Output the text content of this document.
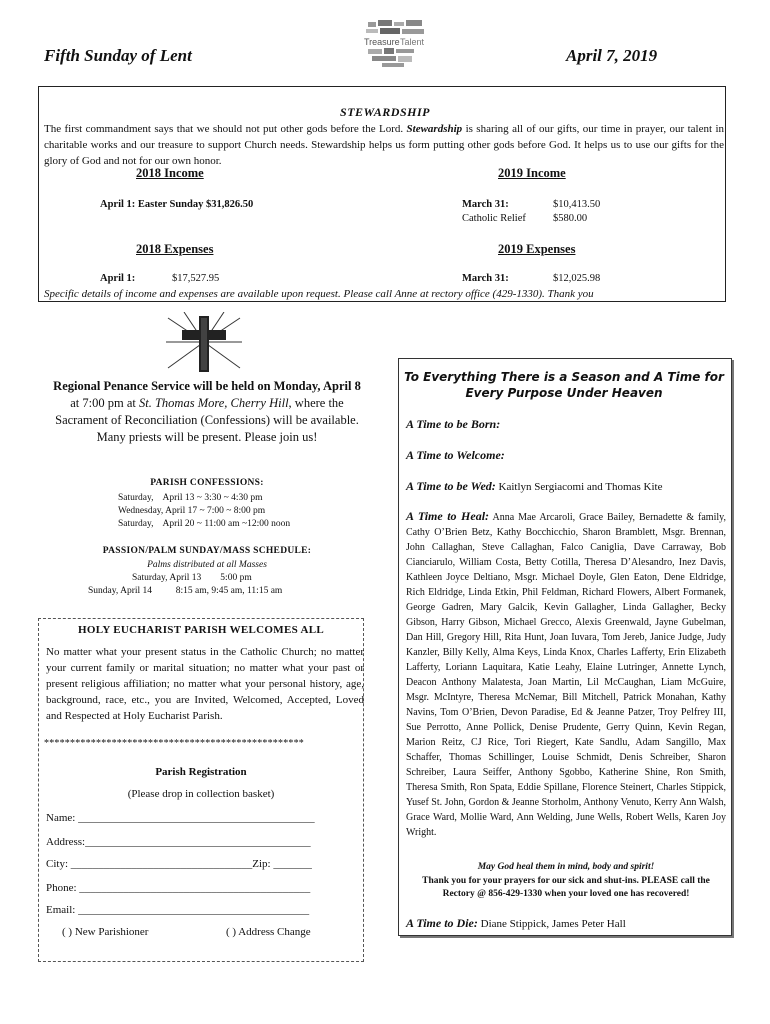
Fifth Sunday of Lent
Treasure Talent
April 7, 2019
STEWARDSHIP
The first commandment says that we should not put other gods before the Lord. Stewardship is sharing all of our gifts, our time in prayer, our talent in charitable works and our treasure to support Church needs. Stewardship helps us form putting other gods before God. It helps us to use our gifts for the glory of God and not for our own honor.
2018 Income
April 1: Easter Sunday $31,826.50
2019 Income
March 31:	$10,413.50
Catholic Relief	$580.00
2018 Expenses
April 1:	$17,527.95
2019 Expenses
March 31:	$12,025.98
Specific details of income and expenses are available upon request. Please call Anne at rectory office (429-1330). Thank you
Regional Penance Service will be held on Monday, April 8 at 7:00 pm at St. Thomas More, Cherry Hill, where the Sacrament of Reconciliation (Confessions) will be available. Many priests will be present. Please join us!
PARISH CONFESSIONS:
Saturday,    April 13 ~ 3:30 ~ 4:30 pm
Wednesday, April 17 ~ 7:00 ~ 8:00 pm
Saturday,    April 20 ~ 11:00 am ~12:00 noon
PASSION/PALM SUNDAY/MASS SCHEDULE:
Palms distributed at all Masses
Saturday, April 13        5:00 pm
Sunday, April 14          8:15 am, 9:45 am, 11:15 am
HOLY EUCHARIST PARISH WELCOMES ALL
No matter what your present status in the Catholic Church; no matter your current family or marital situation; no matter what your past or present religious affiliation; no matter what your personal history, age, background, race, etc., you are Invited, Welcomed, Accepted, Loved and Respected at Holy Eucharist Parish.
**************************************************
Parish Registration
(Please drop in collection basket)
Name: ___________________________________________
Address:_________________________________________
City: _________________________________Zip: _______
Phone: __________________________________________
Email: __________________________________________
( ) New Parishioner	( ) Address Change
To Everything There is a Season and A Time for Every Purpose Under Heaven
A Time to be Born:
A Time to Welcome:
A Time to be Wed: Kaitlyn Sergiacomi and Thomas Kite
A Time to Heal: Anna Mae Arcaroli, Grace Bailey, Bernadette & family, Cathy O’Brien Betz, Kathy Bocchicchio, Sharon Bramblett, Msgr. Brennan, John Callaghan, Steve Callaghan, Falco Caniglia, Dave Carraway, Bob Cianciarulo, William Costa, Betty Cotilla, Theresa D’Alesandro, Inez Davis, Kathleen Joyce Deltiano, Msgr. Michael Doyle, Glen Eaton, Dene Eldridge, Rich Eldridge, Linda Etkin, Phil Feldman, Richard Flowers, Albert Formanek, George Gadren, Mary Galcik, Kevin Gallagher, Linda Gallagher, Becky Gibson, Harry Gibson, Michael Grecco, Alexis Greenwald, Jayne Gubelman, Dan Hill, Gregory Hill, Rita Hunt, Joan Iuvara, Tom Jereb, Janice Judge, Judy Kanzler, Billy Kelly, Alma Keys, Linda Knox, Charles Lafferty, Erin Elizabeth Lafferty, Loriann Laquitara, Katie Leahy, Elaine Lutringer, Annette Lynch, Deacon Anthony Malatesta, Joan Martin, Lil McCaughan, Liam McGuire, Msgr. McIntyre, Theresa McNemar, Bill Mitchell, Patrick Monahan, Kathy Navins, Tom O’Brien, Devon Paradise, Ed & Jeanne Patzer, Troy Pelfrey III, Sue Perrotto, Anne Pollick, Denise Prudente, Gerry Quinn, Kevin Regan, Marion Reitz, CJ Rice, Tori Riegert, Kate Sandlu, Adam Sangillo, Max Schaffer, Thomas Schillinger, Louise Schmidt, Denis Schreiber, Sharon Schreiber, Laura Seiffer, Anthony Sgobbo, Katherine Shine, Ron Smith, Theresa Smith, Ron Spata, Eddie Spillane, Florence Steinert, Charles Stippick, Yusef St. John, Gordon & Jeanne Storholm, Anthony Venuto, Kerry Ann Walsh, Grace Ward, Mollie Ward, Ann Welding, June Wells, Robert Wells, Karen Joy Wright.
May God heal them in mind, body and spirit!
Thank you for your prayers for our sick and shut-ins. PLEASE call the Rectory @ 856-429-1330 when your loved one has recovered!
A Time to Die: Diane Stippick, James Peter Hall
